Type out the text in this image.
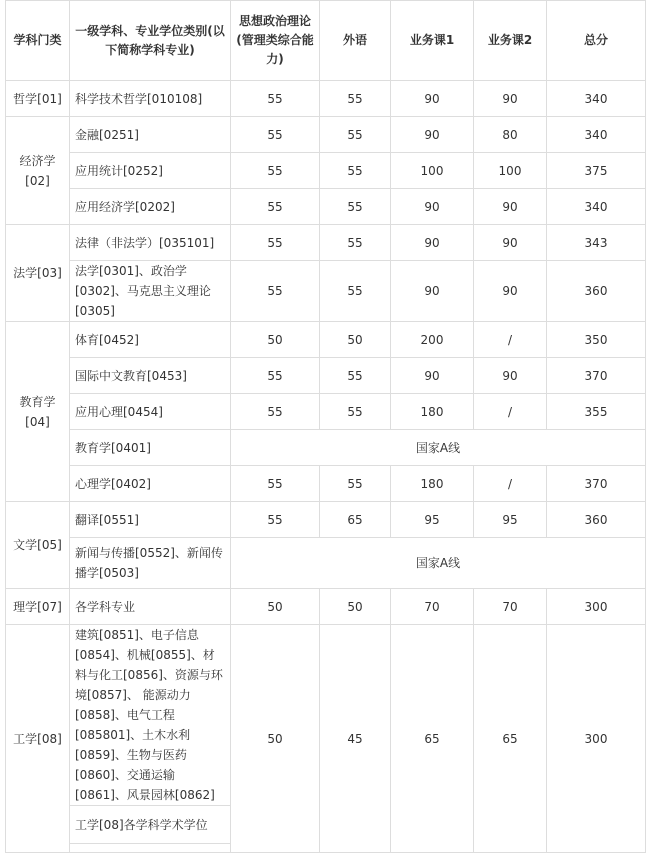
学科门类	一级学科、专业学位类别(以下简称学科专业)	思想政治理论(管理类综合能力)	外语	业务课1	业务课2	总分
哲学[01]	科学技术哲学[010108]	55	55	90	90	340
经济学[02]	金融[0251]	55	55	90	80	340
	应用统计[0252]	55	55	100	100	375
	应用经济学[0202]	55	55	90	90	340
法学[03]	法律（非法学）[035101]	55	55	90	90	343
	法学[0301]、政治学[0302]、马克思主义理论[0305]	55	55	90	90	360
教育学[04]	体育[0452]	50	50	200	/	350
	国际中文教育[0453]	55	55	90	90	370
	应用心理[0454]	55	55	180	/	355
	教育学[0401]	国家A线				
	心理学[0402]	55	55	180	/	370
文学[05]	翻译[0551]	55	65	95	95	360
	新闻与传播[0552]、新闻传播学[0503]	国家A线				
理学[07]	各学科专业	50	50	70	70	300
工学[08]	建筑[0851]、电子信息[0854]、机械[0855]、材料与化工[0856]、资源与环境[0857]、 能源动力[0858]、电气工程[085801]、土木水利[0859]、生物与医药[0860]、交通运输[0861]、风景园林[0862]	50	45	65	65	300
	工学[08]各学科学术学位					
